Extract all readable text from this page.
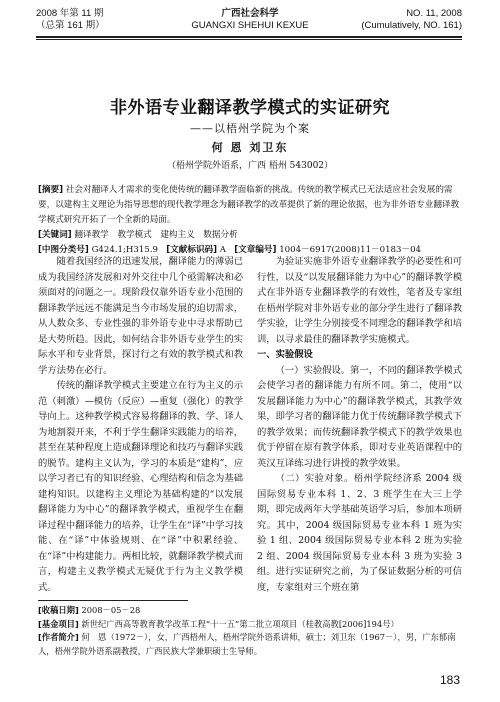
2008 年第 11 期
（总第 161 期）
广西社会科学
GUANGXI SHEHUI KEXUE
NO. 11, 2008
(Cumulatively, NO. 161)
非外语专业翻译教学模式的实证研究
——以梧州学院为个案
何 恩 刘卫东
（梧州学院外语系，广西 梧州 543002）
[摘要] 社会对翻译人才需求的变化使传统的翻译教学面临新的挑战。传统的教学模式已无法适应社会发展的需要，以建构主义理论为指导思想的现代教学理念为翻译教学的改革提供了新的理论依据，也为非外语专业翻译教学模式研究开拓了一个全新的局面。
[关键词] 翻译教学　教学模式　建构主义　数据分析
[中图分类号] G424.1;H315.9 [文献标识码] A [文章编号] 1004－6917(2008)11－0183－04

随着我国经济的迅速发展，翻译能力的薄弱已成为我国经济发展和对外交往中几个亟需解决和必须面对的问题之一。现阶段仅靠外语专业小范围的翻译教学远远不能满足当今市场发展的迫切需求，从人数众多、专业性强的非外语专业中寻求帮助已是大势所趋。因此，如何结合非外语专业学生的实际水平和专业背景，探讨行之有效的教学模式和教学方法势在必行。

传统的翻译教学模式主要建立在行为主义的示范（刺激）—模仿（反应）—重复（强化）的教学导向上。这种教学模式容易将翻译的教、学、译人为地割裂开来，不利于学生翻译实践能力的培养，甚至在某种程度上造成翻译理论和技巧与翻译实践的脱节。建构主义认为，学习的本质是“建构”，应以学习者已有的知识经验、心理结构和信念为基础建构知识。以建构主义理论为基础构建的“以发展翻译能力为中心”的翻译教学模式，重视学生在翻译过程中翻译能力的培养，让学生在“译”中学习技能、在“译”中体验规则、在“译”中积累经验、在“译”中构建能力。两相比较，就翻译教学模式而言，构建主义教学模式无疑优于行为主义教学模式。

为验证实施非外语专业翻译教学的必要性和可行性，以及“以发展翻译能力为中心”的翻译教学模式在非外语专业翻译教学的有效性，笔者及专家组在梧州学院对非外语专业的部分学生进行了翻译教学实验，让学生分别接受不同理念的翻译教学和培训，以寻求最佳的翻译教学实施模式。

一、实验假设

（一）实验假设。第一，不同的翻译教学模式会使学习者的翻译能力有所不同。第二，使用“以发展翻译能力为中心”的翻译教学模式，其教学效果，即学习者的翻译能力优于传统翻译教学模式下的教学效果；而传统翻译教学模式下的教学效果也优于停留在原有教学体系，即对专业英语课程中的英汉互译练习进行讲授的教学效果。

（二）实验对象。梧州学院经济系 2004 级国际贸易专业本科 1、2、3 班学生在大三上学期，即完成两年大学基础英语学习后，参加本项研究。其中，2004 级国际贸易专业本科 1 班为实验 1 组、2004 级国际贸易专业本科 2 班为实验 2 组、2004 级国际贸易专业本科 3 班为实验 3 组。进行实证研究之前，为了保证数据分析的可信度，专家组对三个班在第

[收稿日期] 2008－05－28
[基金项目] 新世纪广西高等教育教学改革工程“十一五”第二批立项项目（桂教高教[2006]194号）
[作者简介] 何　恩（1972－），女，广西梧州人，梧州学院外语系讲师，硕士；刘卫东（1967－），男，广东郁南人，梧州学院外语系副教授，广西民族大学兼职硕士生导师。
183
